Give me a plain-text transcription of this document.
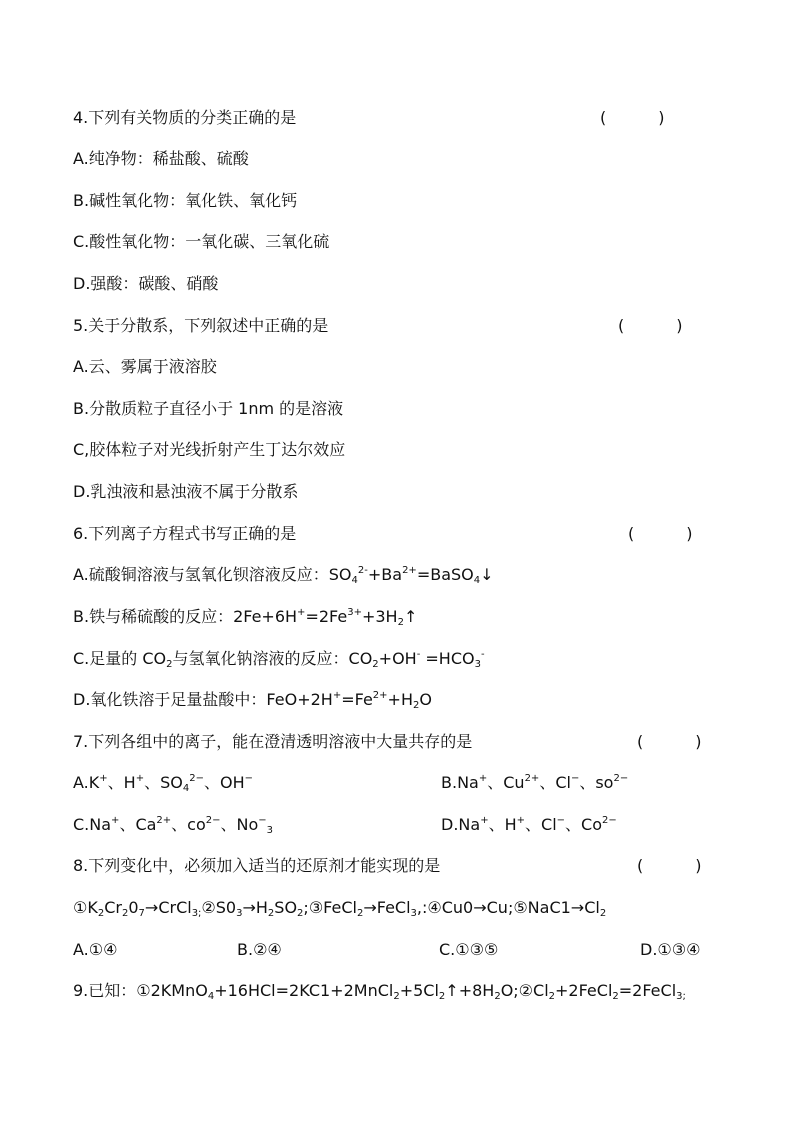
4.下列有关物质的分类正确的是	(	)
A.纯净物：稀盐酸、硫酸
B.碱性氧化物：氧化铁、氧化钙
C.酸性氧化物：一氧化碳、三氧化硫
D.强酸：碳酸、硝酸
5.关于分散系，下列叙述中正确的是	(	)
A.云、雾属于液溶胶
B.分散质粒子直径小于 1nm 的是溶液
C,胶体粒子对光线折射产生丁达尔效应
D.乳浊液和悬浊液不属于分散系
6.下列离子方程式书写正确的是	(	)
A.硫酸铜溶液与氢氧化钡溶液反应：$SO_4^{2-}+Ba^{2+}=BaSO_4↓$
B.铁与稀硫酸的反应：$2Fe+6H^+=2Fe^{3+}+3H_2↑$
C.足量的 $CO_2$与氢氧化钠溶液的反应：$CO_2+OH^- =HCO_3^-$
D.氧化铁溶于足量盐酸中：$FeO+2H^+=Fe^{2+}+H_2O$
7.下列各组中的离子，能在澄清透明溶液中大量共存的是	(	)
A.K+、H+、$SO_4^{2-}$、OH−	B.Na+、$Cu^{2+}$、Cl−、$so^{2-}$
C.Na+、$Ca^{2+}$、$co^{2-}$、$No^-_3$	D.Na+、H+、Cl−、$Co^{2-}$
8.下列变化中，必须加入适当的还原剂才能实现的是	(	)
$①K_2Cr_20_7\to CrCl_{3;}②S0_3\to H_2SO_2;③FeCl_2\to FeCl_3,:④Cu0\to Cu;⑤NaC1\to Cl_2$
A.①④	B.②④	C.①③⑤	D.①③④
9.已知：$①2KMnO_4+16HCl=2KC1+2MnCl_2+5Cl_2↑+8H_2O;②Cl_2+2FeCl_2=2FeCl_{3;}$
